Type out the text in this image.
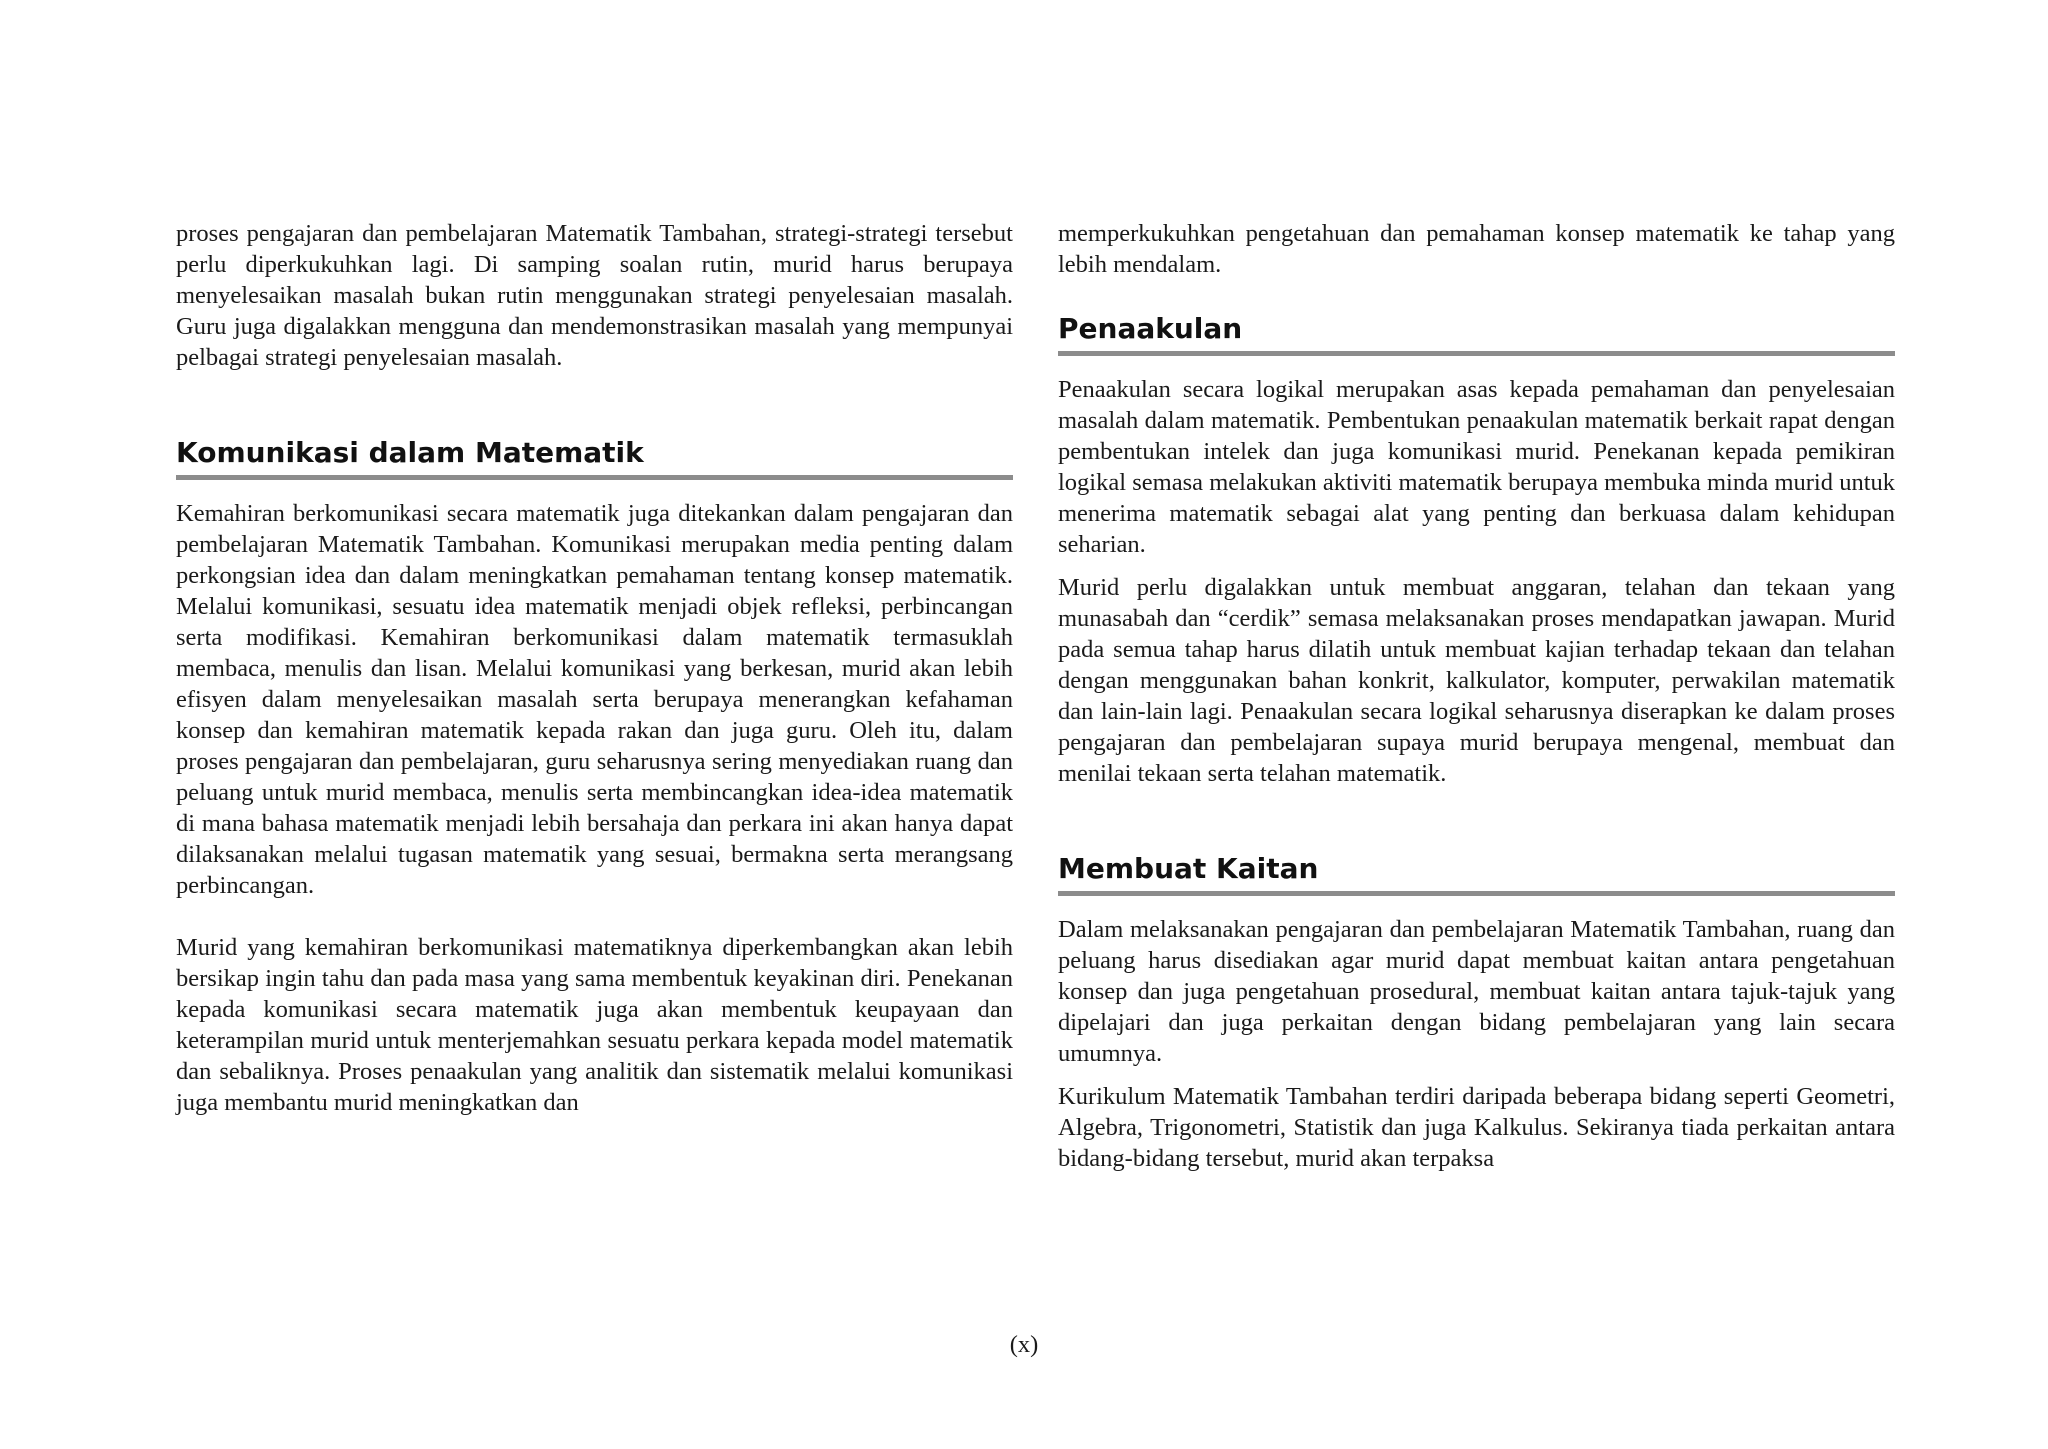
proses pengajaran dan pembelajaran Matematik Tambahan, strategi-strategi tersebut perlu diperkukuhkan lagi. Di samping soalan rutin, murid harus berupaya menyelesaikan masalah bukan rutin menggunakan strategi penyelesaian masalah. Guru juga digalakkan mengguna dan mendemonstrasikan masalah yang mempunyai pelbagai strategi penyelesaian masalah.

Komunikasi dalam Matematik

Kemahiran berkomunikasi secara matematik juga ditekankan dalam pengajaran dan pembelajaran Matematik Tambahan. Komunikasi merupakan media penting dalam perkongsian idea dan dalam meningkatkan pemahaman tentang konsep matematik. Melalui komunikasi, sesuatu idea matematik menjadi objek refleksi, perbincangan serta modifikasi. Kemahiran berkomunikasi dalam matematik termasuklah membaca, menulis dan lisan. Melalui komunikasi yang berkesan, murid akan lebih efisyen dalam menyelesaikan masalah serta berupaya menerangkan kefahaman konsep dan kemahiran matematik kepada rakan dan juga guru. Oleh itu, dalam proses pengajaran dan pembelajaran, guru seharusnya sering menyediakan ruang dan peluang untuk murid membaca, menulis serta membincangkan idea-idea matematik di mana bahasa matematik menjadi lebih bersahaja dan perkara ini akan hanya dapat dilaksanakan melalui tugasan matematik yang sesuai, bermakna serta merangsang perbincangan.

Murid yang kemahiran berkomunikasi matematiknya diperkembangkan akan lebih bersikap ingin tahu dan pada masa yang sama membentuk keyakinan diri. Penekanan kepada komunikasi secara matematik juga akan membentuk keupayaan dan keterampilan murid untuk menterjemahkan sesuatu perkara kepada model matematik dan sebaliknya. Proses penaakulan yang analitik dan sistematik melalui komunikasi juga membantu murid meningkatkan dan

memperkukuhkan pengetahuan dan pemahaman konsep matematik ke tahap yang lebih mendalam.

Penaakulan

Penaakulan secara logikal merupakan asas kepada pemahaman dan penyelesaian masalah dalam matematik. Pembentukan penaakulan matematik berkait rapat dengan pembentukan intelek dan juga komunikasi murid. Penekanan kepada pemikiran logikal semasa melakukan aktiviti matematik berupaya membuka minda murid untuk menerima matematik sebagai alat yang penting dan berkuasa dalam kehidupan seharian.

Murid perlu digalakkan untuk membuat anggaran, telahan dan tekaan yang munasabah dan “cerdik” semasa melaksanakan proses mendapatkan jawapan. Murid pada semua tahap harus dilatih untuk membuat kajian terhadap tekaan dan telahan dengan menggunakan bahan konkrit, kalkulator, komputer, perwakilan matematik dan lain-lain lagi. Penaakulan secara logikal seharusnya diserapkan ke dalam proses pengajaran dan pembelajaran supaya murid berupaya mengenal, membuat dan menilai tekaan serta telahan matematik.

Membuat Kaitan

Dalam melaksanakan pengajaran dan pembelajaran Matematik Tambahan, ruang dan peluang harus disediakan agar murid dapat membuat kaitan antara pengetahuan konsep dan juga pengetahuan prosedural, membuat kaitan antara tajuk-tajuk yang dipelajari dan juga perkaitan dengan bidang pembelajaran yang lain secara umumnya.

Kurikulum Matematik Tambahan terdiri daripada beberapa bidang seperti Geometri, Algebra, Trigonometri, Statistik dan juga Kalkulus. Sekiranya tiada perkaitan antara bidang-bidang tersebut, murid akan terpaksa

(x)
